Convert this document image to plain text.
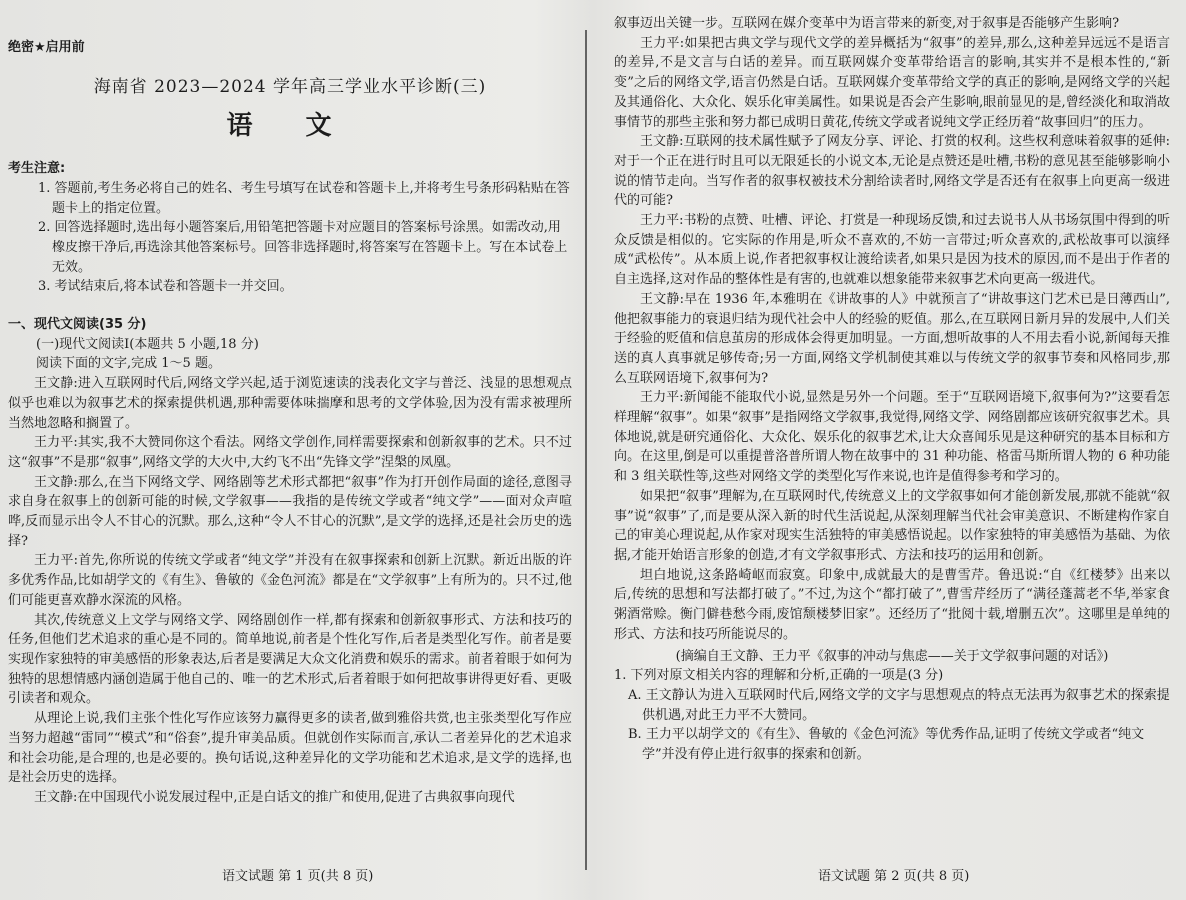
绝密★启用前
海南省 2023—2024 学年高三学业水平诊断(三)
语 文
考生注意:
1. 答题前,考生务必将自己的姓名、考生号填写在试卷和答题卡上,并将考生号条形码粘贴在答题卡上的指定位置。
2. 回答选择题时,选出每小题答案后,用铅笔把答题卡对应题目的答案标号涂黑。如需改动,用橡皮擦干净后,再选涂其他答案标号。回答非选择题时,将答案写在答题卡上。写在本试卷上无效。
3. 考试结束后,将本试卷和答题卡一并交回。
一、现代文阅读(35 分)
(一)现代文阅读Ⅰ(本题共 5 小题,18 分)
阅读下面的文字,完成 1～5 题。

王文静:进入互联网时代后,网络文学兴起,适于浏览速读的浅表化文字与普泛、浅显的思想观点似乎也难以为叙事艺术的探索提供机遇,那种需要体味揣摩和思考的文学体验,因为没有需求被理所当然地忽略和搁置了。

王力平:其实,我不大赞同你这个看法。网络文学创作,同样需要探索和创新叙事的艺术。只不过这“叙事”不是那“叙事”,网络文学的大火中,大约飞不出“先锋文学”涅槃的凤凰。

王文静:那么,在当下网络文学、网络剧等艺术形式都把“叙事”作为打开创作局面的途径,意图寻求自身在叙事上的创新可能的时候,文学叙事——我指的是传统文学或者“纯文学”——面对众声喧哗,反而显示出令人不甘心的沉默。那么,这种“令人不甘心的沉默”,是文学的选择,还是社会历史的选择?

王力平:首先,你所说的传统文学或者“纯文学”并没有在叙事探索和创新上沉默。新近出版的许多优秀作品,比如胡学文的《有生》、鲁敏的《金色河流》都是在“文学叙事”上有所为的。只不过,他们可能更喜欢静水深流的风格。

其次,传统意义上文学与网络文学、网络剧创作一样,都有探索和创新叙事形式、方法和技巧的任务,但他们艺术追求的重心是不同的。简单地说,前者是个性化写作,后者是类型化写作。前者是要实现作家独特的审美感悟的形象表达,后者是要满足大众文化消费和娱乐的需求。前者着眼于如何为独特的思想情感内涵创造属于他自己的、唯一的艺术形式,后者着眼于如何把故事讲得更好看、更吸引读者和观众。

从理论上说,我们主张个性化写作应该努力赢得更多的读者,做到雅俗共赏,也主张类型化写作应当努力超越“雷同”“模式”和“俗套”,提升审美品质。但就创作实际而言,承认二者差异化的艺术追求和社会功能,是合理的,也是必要的。换句话说,这种差异化的文学功能和艺术追求,是文学的选择,也是社会历史的选择。

王文静:在中国现代小说发展过程中,正是白话文的推广和使用,促进了古典叙事向现代

叙事迈出关键一步。互联网在媒介变革中为语言带来的新变,对于叙事是否能够产生影响?

王力平:如果把古典文学与现代文学的差异概括为“叙事”的差异,那么,这种差异远远不是语言的差异,不是文言与白话的差异。而互联网媒介变革带给语言的影响,其实并不是根本性的,“新变”之后的网络文学,语言仍然是白话。互联网媒介变革带给文学的真正的影响,是网络文学的兴起及其通俗化、大众化、娱乐化审美属性。如果说是否会产生影响,眼前显见的是,曾经淡化和取消故事情节的那些主张和努力都已成明日黄花,传统文学或者说纯文学正经历着“故事回归”的压力。

王文静:互联网的技术属性赋予了网友分享、评论、打赏的权利。这些权利意味着叙事的延伸:对于一个正在进行时且可以无限延长的小说文本,无论是点赞还是吐槽,书粉的意见甚至能够影响小说的情节走向。当写作者的叙事权被技术分割给读者时,网络文学是否还有在叙事上向更高一级进代的可能?

王力平:书粉的点赞、吐槽、评论、打赏是一种现场反馈,和过去说书人从书场氛围中得到的听众反馈是相似的。它实际的作用是,听众不喜欢的,不妨一言带过;听众喜欢的,武松故事可以演绎成“武松传”。从本质上说,作者把叙事权让渡给读者,如果只是因为技术的原因,而不是出于作者的自主选择,这对作品的整体性是有害的,也就难以想象能带来叙事艺术向更高一级进代。

王文静:早在 1936 年,本雅明在《讲故事的人》中就预言了“讲故事这门艺术已是日薄西山”,他把叙事能力的衰退归结为现代社会中人的经验的贬值。那么,在互联网日新月异的发展中,人们关于经验的贬值和信息茧房的形成体会得更加明显。一方面,想听故事的人不用去看小说,新闻每天推送的真人真事就足够传奇;另一方面,网络文学机制使其难以与传统文学的叙事节奏和风格同步,那么互联网语境下,叙事何为?

王力平:新闻能不能取代小说,显然是另外一个问题。至于“互联网语境下,叙事何为?”这要看怎样理解“叙事”。如果“叙事”是指网络文学叙事,我觉得,网络文学、网络剧都应该研究叙事艺术。具体地说,就是研究通俗化、大众化、娱乐化的叙事艺术,让大众喜闻乐见是这种研究的基本目标和方向。在这里,倒是可以重提普洛普所谓人物在故事中的 31 种功能、格雷马斯所谓人物的 6 种功能和 3 组关联性等,这些对网络文学的类型化写作来说,也许是值得参考和学习的。

如果把“叙事”理解为,在互联网时代,传统意义上的文学叙事如何才能创新发展,那就不能就“叙事”说“叙事”了,而是要从深入新的时代生活说起,从深刻理解当代社会审美意识、不断建构作家自己的审美心理说起,从作家对现实生活独特的审美感悟说起。以作家独特的审美感悟为基础、为依据,才能开始语言形象的创造,才有文学叙事形式、方法和技巧的运用和创新。

坦白地说,这条路崎岖而寂寞。印象中,成就最大的是曹雪芹。鲁迅说:“自《红楼梦》出来以后,传统的思想和写法都打破了。”不过,为这个“都打破了”,曹雪芹经历了“满径蓬蒿老不华,举家食粥酒常赊。衡门僻巷愁今雨,废馆颓楼梦旧家”。还经历了“批阅十载,增删五次”。这哪里是单纯的形式、方法和技巧所能说尽的。

(摘编自王文静、王力平《叙事的冲动与焦虑——关于文学叙事问题的对话》)

1. 下列对原文相关内容的理解和分析,正确的一项是(3 分)

A. 王文静认为进入互联网时代后,网络文学的文字与思想观点的特点无法再为叙事艺术的探索提供机遇,对此王力平不大赞同。

B. 王力平以胡学文的《有生》、鲁敏的《金色河流》等优秀作品,证明了传统文学或者“纯文学”并没有停止进行叙事的探索和创新。

语文试题 第 1 页(共 8 页)	语文试题 第 2 页(共 8 页)
